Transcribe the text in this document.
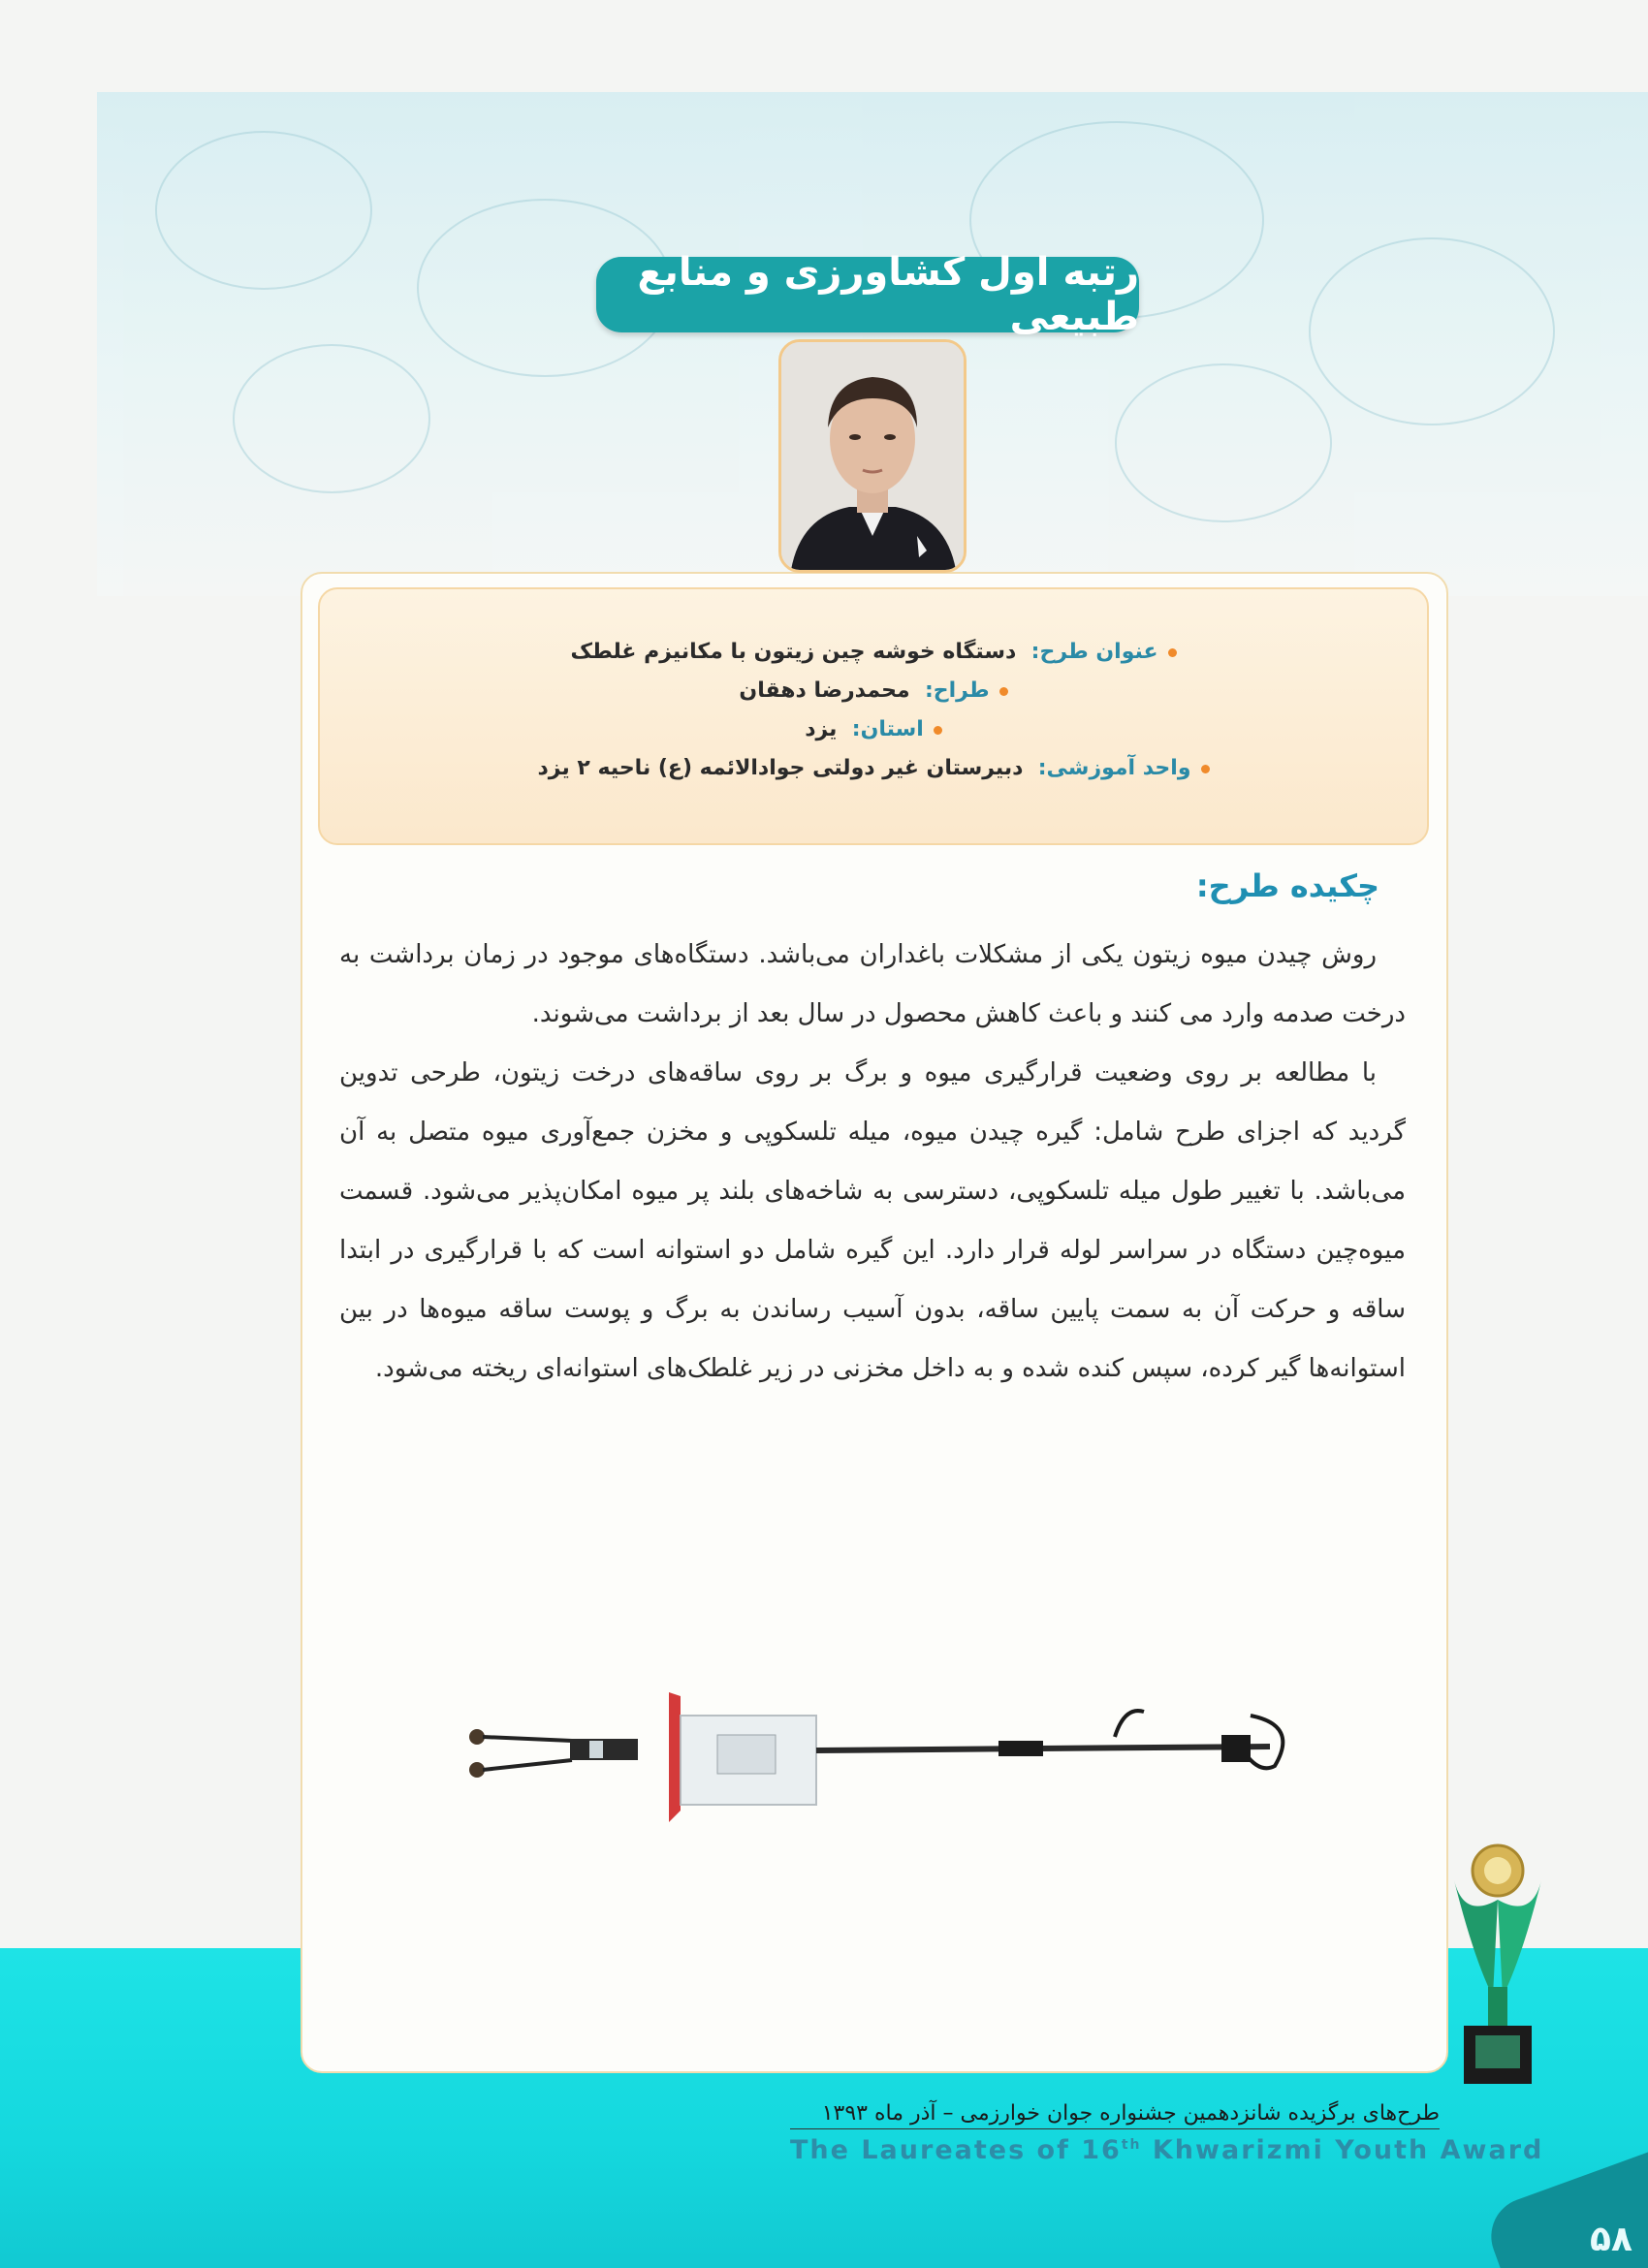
رتبه اول کشاورزی و منابع طبیعی
عنوان طرح:  دستگاه خوشه چین زیتون با مکانیزم غلطک
طراح:  محمدرضا دهقان
استان:  یزد
واحد آموزشی:  دبیرستان غیر دولتی جوادالائمه (ع) ناحیه ۲ یزد
چکیده طرح:

روش چیدن میوه زیتون یکی از مشکلات باغداران می‌باشد. دستگاه‌های موجود در زمان برداشت به درخت صدمه وارد می کنند و باعث کاهش محصول در سال بعد از برداشت می‌شوند.

با مطالعه بر روی وضعیت قرارگیری میوه و برگ بر روی ساقه‌های درخت زیتون، طرحی تدوین گردید که اجزای طرح شامل: گیره چیدن میوه، میله تلسکوپی و مخزن جمع‌آوری میوه متصل به آن می‌باشد. با تغییر طول میله تلسکوپی، دسترسی به شاخه‌های بلند پر میوه امکان‌پذیر می‌شود. قسمت میوه‌چین دستگاه در سراسر لوله قرار دارد. این گیره شامل دو استوانه است که با قرارگیری در ابتدا ساقه و حرکت آن به سمت پایین ساقه، بدون آسیب رساندن به برگ و پوست ساقه میوه‌ها در بین استوانه‌ها گیر کرده، سپس کنده شده و به داخل مخزنی در زیر غلطک‌های استوانه‌ای ریخته می‌شود.

طرح‌های برگزیده شانزدهمین جشنواره جوان خوارزمی – آذر ماه ۱۳۹۳
The Laureates of 16th Khwarizmi Youth Award
۵۸
